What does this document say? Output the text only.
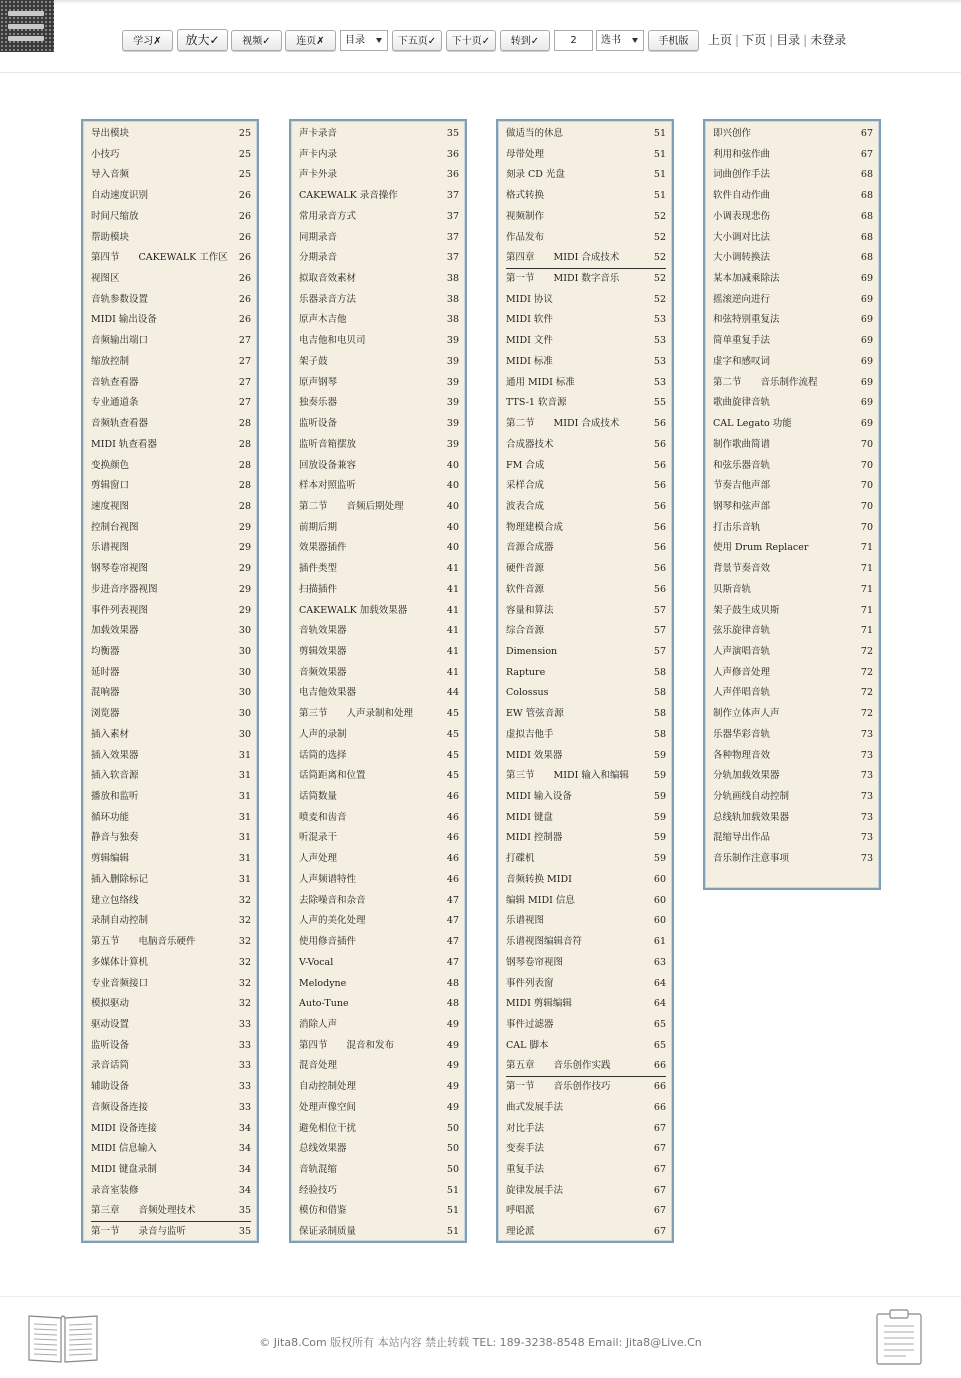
学习✗	放大✓	视频✓	连页✗	目录	下五页✓	下十页✓	转到✓	2	选书	手机版	上页 | 下页 | 目录 | 未登录
导出模块	25
小技巧	25
导入音频	25
自动速度识别	26
时间尺缩放	26
帮助模块	26
第四节　　CAKEWALK 工作区 26
视图区	26
音轨参数设置	26
MIDI 输出设备	26
音频输出端口	27
缩放控制	27
音轨查看器	27
专业通道条	27
音频轨查看器	28
MIDI 轨查看器	28
变换颜色	28
剪辑窗口	28
速度视图	28
控制台视图	29
乐谱视图	29
钢琴卷帘视图	29
步进音序器视图	29
事件列表视图	29
加载效果器	30
均衡器	30
延时器	30
混响器	30
浏览器	30
插入素材	30
插入效果器	31
插入软音源	31
播放和监听	31
循环功能	31
静音与独奏	31
剪辑编辑	31
插入删除标记	31
建立包络线	32
录制自动控制	32
第五节　　电脑音乐硬件	32
多媒体计算机	32
专业音频接口	32
模拟驱动	32
驱动设置	33
监听设备	33
录音话筒	33
辅助设备	33
音频设备连接	33
MIDI 设备连接	34
MIDI 信息输入	34
MIDI 键盘录制	34
录音室装修	34
第三章　　音频处理技术	35
第一节　　录音与监听	35
声卡录音	35
声卡内录	36
声卡外录	36
CAKEWALK 录音操作	37
常用录音方式	37
同期录音	37
分期录音	37
拟取音效素材	38
乐器录音方法	38
原声木吉他	38
电吉他和电贝司	39
架子鼓	39
原声钢琴	39
独奏乐器	39
监听设备	39
监听音箱摆放	39
回放设备兼容	40
样本对照监听	40
第二节　　音频后期处理	40
前期后期	40
效果器插件	40
插件类型	41
扫描插件	41
CAKEWALK 加载效果器	41
音轨效果器	41
剪辑效果器	41
音频效果器	41
电吉他效果器	44
第三节　　人声录制和处理	45
人声的录制	45
话筒的选择	45
话筒距离和位置	45
话筒数量	46
喷麦和齿音	46
听混录干	46
人声处理	46
人声频谱特性	46
去除噪音和杂音	47
人声的美化处理	47
使用修音插件	47
V-Vocal	47
Melodyne	48
Auto-Tune	48
消除人声	49
第四节　　混音和发布	49
混音处理	49
自动控制处理	49
处理声像空间	49
避免相位干扰	50
总线效果器	50
音轨混缩	50
经验技巧	51
模仿和借鉴	51
保证录制质量	51
做适当的休息	51
母带处理	51
刻录 CD 光盘	51
格式转换	51
视频制作	52
作品发布	52
第四章　　MIDI 合成技术	52
第一节　　MIDI 数字音乐	52
MIDI 协议	52
MIDI 软件	53
MIDI 文件	53
MIDI 标准	53
通用 MIDI 标准	53
TTS-1 软音源	55
第二节　　MIDI 合成技术	56
合成器技术	56
FM 合成	56
采样合成	56
波表合成	56
物理建模合成	56
音源合成器	56
硬件音源	56
软件音源	56
容量和算法	57
综合音源	57
Dimension	57
Rapture	58
Colossus	58
EW 管弦音源	58
虚拟吉他手	58
MIDI 效果器	59
第三节　　MIDI 输入和编辑	59
MIDI 输入设备	59
MIDI 键盘	59
MIDI 控制器	59
打碟机	59
音频转换 MIDI	60
编辑 MIDI 信息	60
乐谱视图	60
乐谱视图编辑音符	61
钢琴卷帘视图	63
事件列表窗	64
MIDI 剪辑编辑	64
事件过滤器	65
CAL 脚本	65
第五章　　音乐创作实践	66
第一节　　音乐创作技巧	66
曲式发展手法	66
对比手法	67
变奏手法	67
重复手法	67
旋律发展手法	67
呼唱派	67
理论派	67
即兴创作	67
利用和弦作曲	67
词曲创作手法	68
软件自动作曲	68
小调表现悲伤	68
大小调对比法	68
大小调转换法	68
某本加减乘除法	69
摇滚逆向进行	69
和弦特别重复法	69
简单重复手法	69
虚字和感叹词	69
第二节　　音乐制作流程	69
歌曲旋律音轨	69
CAL Legato 功能	69
制作歌曲简谱	70
和弦乐器音轨	70
节奏吉他声部	70
钢琴和弦声部	70
打击乐音轨	70
使用 Drum Replacer	71
背景节奏音效	71
贝斯音轨	71
架子鼓生成贝斯	71
弦乐旋律音轨	71
人声演唱音轨	72
人声修音处理	72
人声伴唱音轨	72
制作立体声人声	72
乐器华彩音轨	73
各种物理音效	73
分轨加载效果器	73
分轨画线自动控制	73
总线轨加载效果器	73
混缩导出作品	73
音乐制作注意事项	73
© Jita8.Com 版权所有 本站内容 禁止转载 TEL: 189-3238-8548 Email: Jita8@Live.Cn
